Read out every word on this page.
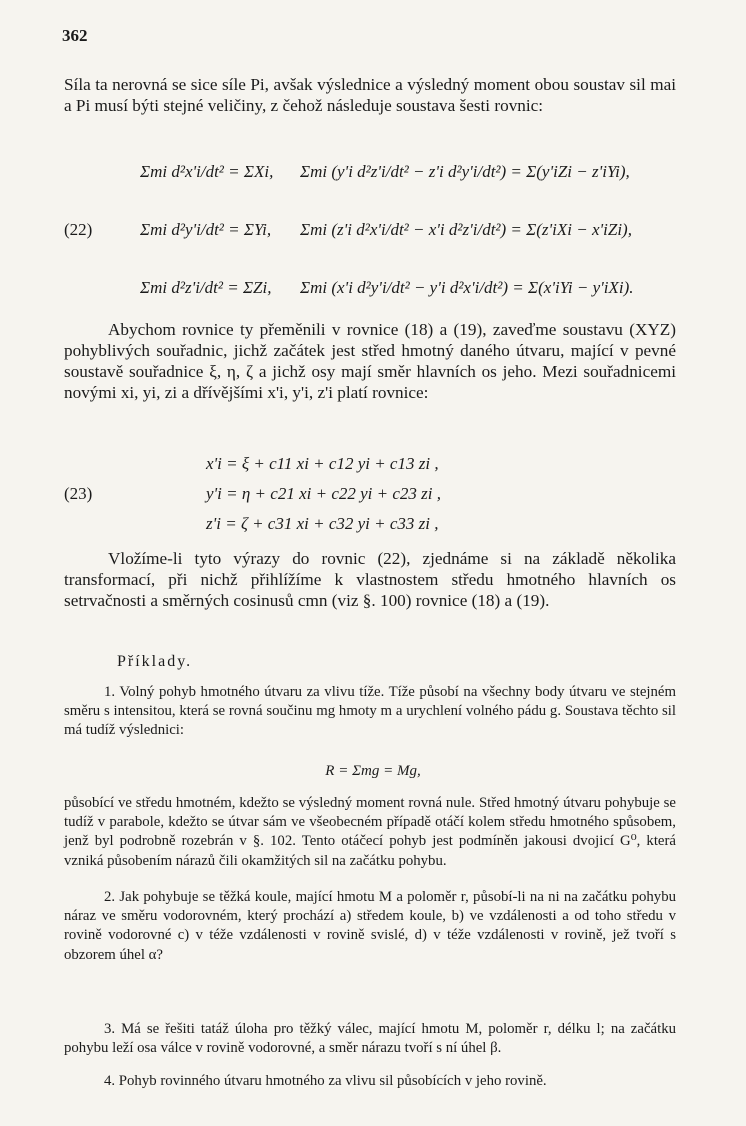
362
Síla ta nerovná se sice síle Pi, avšak výslednice a výsledný moment obou soustav sil mai a Pi musí býti stejné veličiny, z čehož následuje soustava šesti rovnic:
(22)
Σmi d²x'i/dt² = ΣXi, Σmi (y'i d²z'i/dt² − z'i d²y'i/dt²) = Σ(y'iZi − z'iYi),
Σmi d²y'i/dt² = ΣYi, Σmi (z'i d²x'i/dt² − x'i d²z'i/dt²) = Σ(z'iXi − x'iZi),
Σmi d²z'i/dt² = ΣZi, Σmi (x'i d²y'i/dt² − y'i d²x'i/dt²) = Σ(x'iYi − y'iXi).
Abychom rovnice ty přeměnili v rovnice (18) a (19), zaveďme soustavu (XYZ) pohyblivých souřadnic, jichž začátek jest střed hmotný daného útvaru, mající v pevné soustavě souřadnice ξ, η, ζ a jichž osy mají směr hlavních os jeho. Mezi souřadnicemi novými xi, yi, zi a dřívějšími x'i, y'i, z'i platí rovnice:
(23)
x'i = ξ + c11 xi + c12 yi + c13 zi ,
y'i = η + c21 xi + c22 yi + c23 zi ,
z'i = ζ + c31 xi + c32 yi + c33 zi ,
Vložíme-li tyto výrazy do rovnic (22), zjednáme si na základě několika transformací, při nichž přihlížíme k vlastnostem středu hmotného hlavních os setrvačnosti a směrných cosinusů cmn (viz §. 100) rovnice (18) a (19).
Příklady.
1. Volný pohyb hmotného útvaru za vlivu tíže. Tíže působí na všechny body útvaru ve stejném směru s intensitou, která se rovná součinu mg hmoty m a urychlení volného pádu g. Soustava těchto sil má tudíž výslednici:
R = Σmg = Mg,
působící ve středu hmotném, kdežto se výsledný moment rovná nule. Střed hmotný útvaru pohybuje se tudíž v parabole, kdežto se útvar sám ve všeobecném případě otáčí kolem středu hmotného spůsobem, jenž byl podrobně rozebrán v §. 102. Tento otáčecí pohyb jest podmíněn jakousi dvojicí G⁰, která vzniká působením nárazů čili okamžitých sil na začátku pohybu.
2. Jak pohybuje se těžká koule, mající hmotu M a poloměr r, působí-li na ni na začátku pohybu náraz ve směru vodorovném, který prochází a) středem koule, b) ve vzdálenosti a od toho středu v rovině vodorovné c) v téže vzdálenosti v rovině svislé, d) v téže vzdálenosti v rovině, jež tvoří s obzorem úhel α?
3. Má se řešiti tatáž úloha pro těžký válec, mající hmotu M, poloměr r, délku l; na začátku pohybu leží osa válce v rovině vodorovné, a směr nárazu tvoří s ní úhel β.
4. Pohyb rovinného útvaru hmotného za vlivu sil působících v jeho rovině.
